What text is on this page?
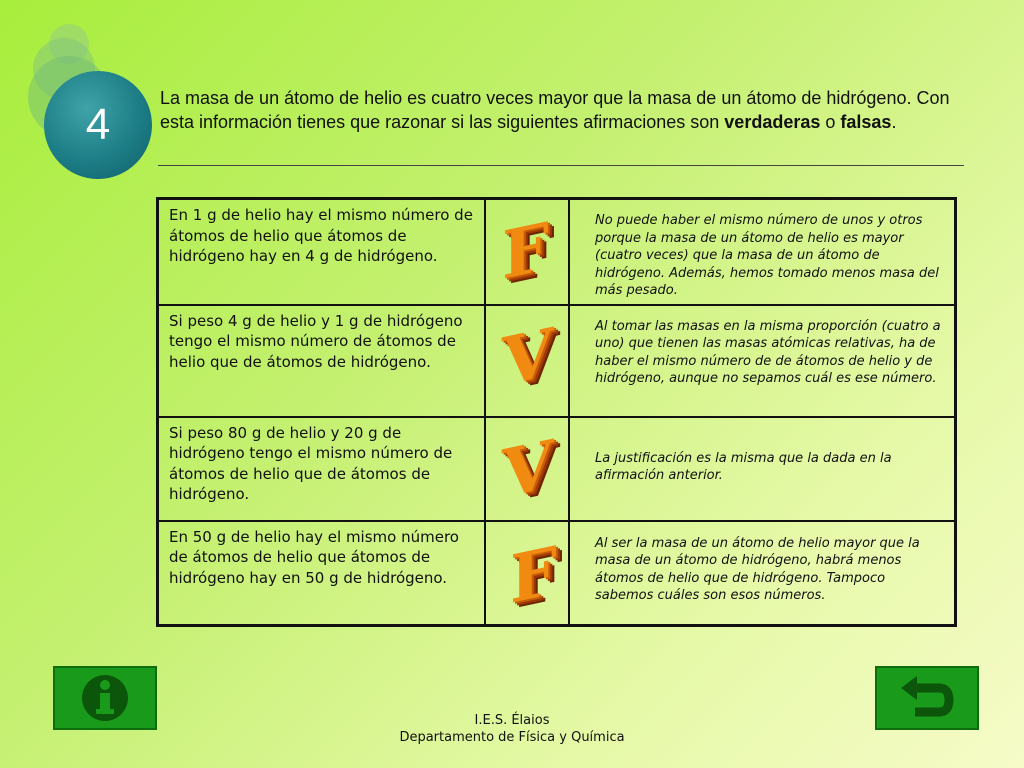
4
La masa de un átomo de helio es cuatro veces mayor que la masa de un átomo de hidrógeno. Con esta información tienes que razonar si las siguientes afirmaciones son verdaderas o falsas.
En 1 g de helio hay el mismo número de átomos de helio que átomos de hidrógeno hay en 4 g de hidrógeno.	F	No puede haber el mismo número de unos y otros porque la masa de un átomo de helio es mayor (cuatro veces) que la masa de un átomo de hidrógeno. Además, hemos tomado menos masa del más pesado.
Si peso 4 g de helio y 1 g de hidrógeno tengo el mismo número de átomos de helio que de átomos de hidrógeno.	V	Al tomar las masas en la misma proporción (cuatro a uno) que tienen las masas atómicas relativas, ha de haber el mismo número de de átomos de helio y de hidrógeno, aunque no sepamos cuál es ese número.
Si peso 80 g de helio y 20 g de hidrógeno tengo el mismo número de átomos de helio que de átomos de hidrógeno.	V	La justificación es la misma que la dada en la afirmación anterior.
En 50 g de helio hay el mismo número de átomos de helio que átomos de hidrógeno hay en 50 g de hidrógeno.	F	Al ser la masa de un átomo de helio mayor que la masa de un átomo de hidrógeno, habrá menos átomos de helio que de hidrógeno. Tampoco sabemos cuáles son esos números.
I.E.S. Élaios
Departamento de Física y Química
